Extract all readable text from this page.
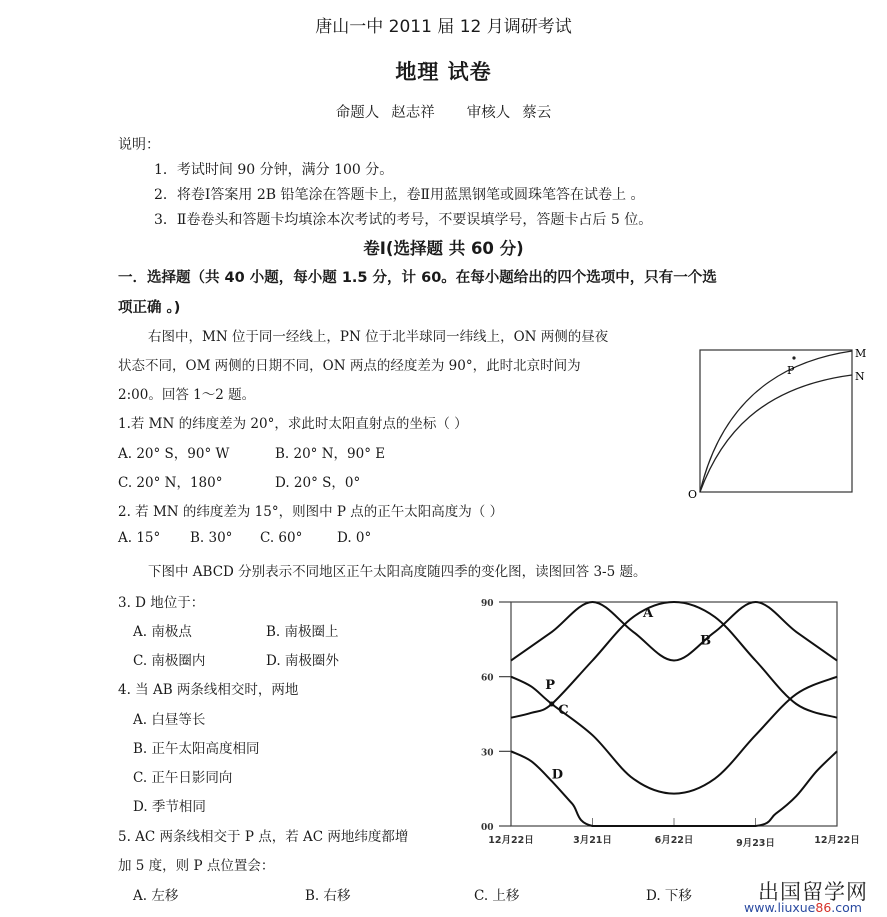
唐山一中 2011 届 12 月调研考试
地理 试卷
命题人 赵志祥 审核人 蔡云
说明：
1．考试时间 90 分钟，满分 100 分。
2．将卷Ⅰ答案用 2B 铅笔涂在答题卡上，卷Ⅱ用蓝黑钢笔或圆珠笔答在试卷上 。
3．Ⅱ卷卷头和答题卡均填涂本次考试的考号，不要误填学号，答题卡占后 5 位。
卷Ⅰ(选择题 共 60 分)
一．选择题（共 40 小题，每小题 1.5 分，计 60。在每小题给出的四个选项中，只有一个选
项正确 。)
右图中，MN 位于同一经线上，PN 位于北半球同一纬线上，ON 两侧的昼夜
状态不同，OM 两侧的日期不同，ON 两点的经度差为 90°，此时北京时间为
2:00。回答 1～2 题。
P
M
N
O
1.若 MN 的纬度差为 20°，求此时太阳直射点的坐标（ ）
A. 20° S，90° W	B. 20° N，90° E
C. 20° N，180°	D. 20° S，0°
2. 若 MN 的纬度差为 15°，则图中 P 点的正午太阳高度为（ ）
A. 15° B. 30° C. 60°	D. 0°
下图中 ABCD 分别表示不同地区正午太阳高度随四季的变化图，读图回答 3-5 题。
3. D 地位于：
A. 南极点	B. 南极圈上
C. 南极圈内	D. 南极圈外
4. 当 AB 两条线相交时，两地
A. 白昼等长
B. 正午太阳高度相同
C. 正午日影同向
D. 季节相同
5. AC 两条线相交于 P 点，若 AC 两地纬度都增
加 5 度，则 P 点位置会：
A. 左移	B. 右移	C. 上移	D. 下移
90
60
30
00
12月22日	3月21日	6月22日	9月23日	12月22日
A
B
C
D
P
出国留学网
www.liuxue86.com
